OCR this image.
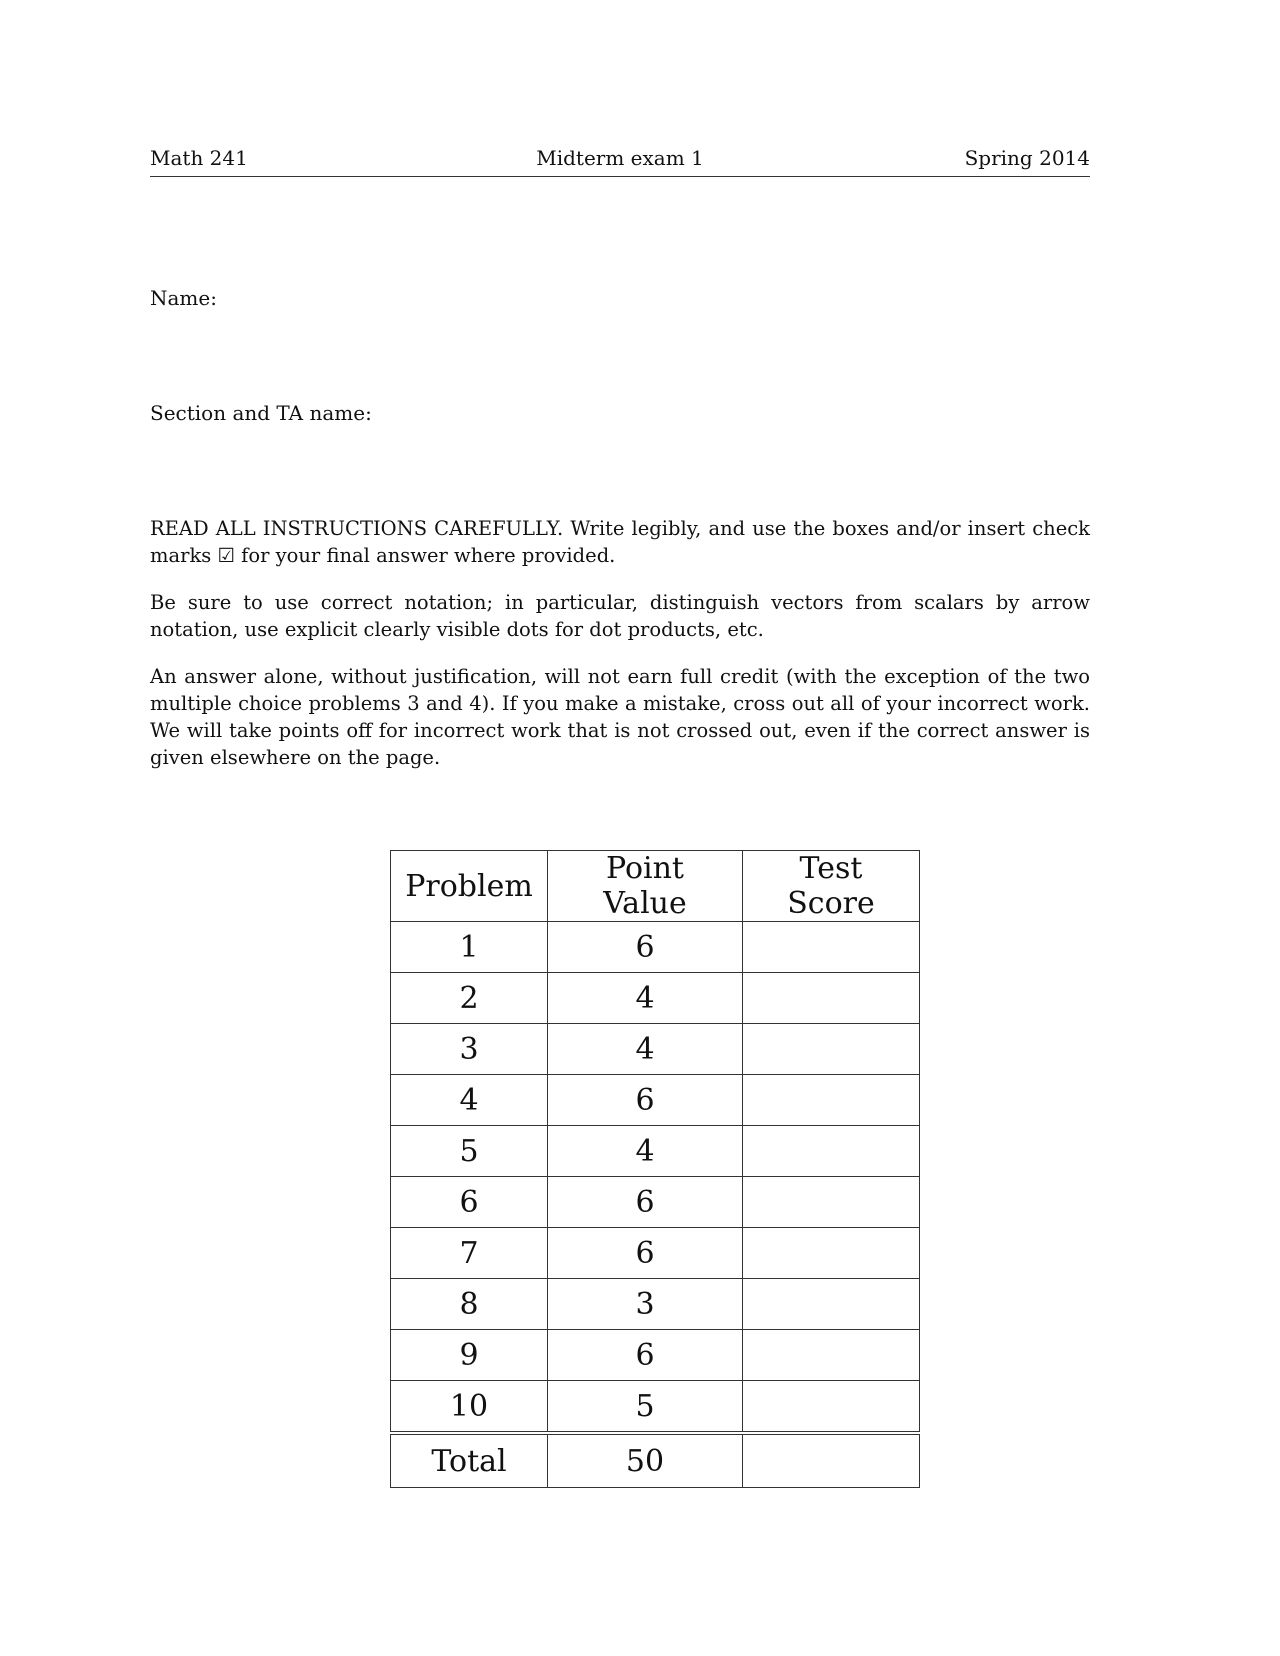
Math 241	Midterm exam 1	Spring 2014
Name:
Section and TA name:

READ ALL INSTRUCTIONS CAREFULLY. Write legibly, and use the boxes and/or insert check marks ☑ for your final answer where provided.

Be sure to use correct notation; in particular, distinguish vectors from scalars by arrow notation, use explicit clearly visible dots for dot products, etc.

An answer alone, without justification, will not earn full credit (with the exception of the two multiple choice problems 3 and 4). If you make a mistake, cross out all of your incorrect work. We will take points off for incorrect work that is not crossed out, even if the correct answer is given elsewhere on the page.

Problem	Point Value	Test Score
1	6	
2	4	
3	4	
4	6	
5	4	
6	6	
7	6	
8	3	
9	6	
10	5	
Total	50	
